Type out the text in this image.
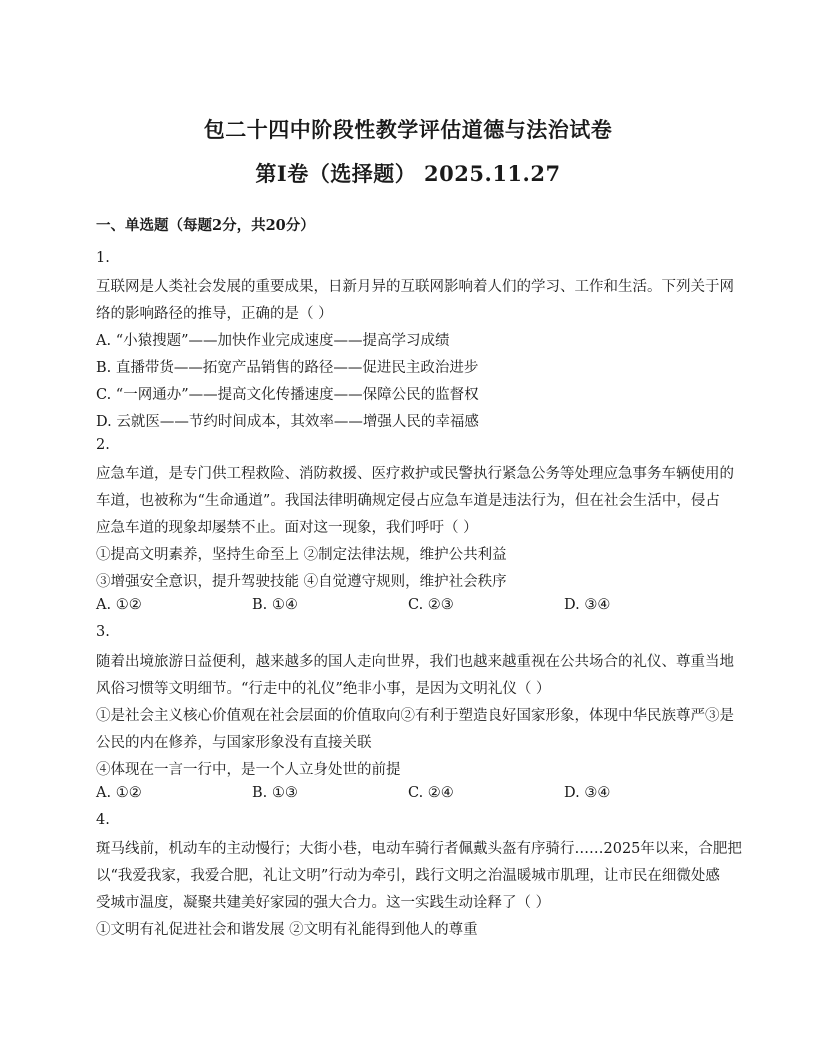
包二十四中阶段性教学评估道德与法治试卷
第Ⅰ卷（选择题） 2025.11.27
一、单选题（每题2分，共20分）
1.
互联网是人类社会发展的重要成果，日新月异的互联网影响着人们的学习、工作和生活。下列关于网
络的影响路径的推导，正确的是（ ）
A. “小猿搜题”——加快作业完成速度——提高学习成绩
B. 直播带货——拓宽产品销售的路径——促进民主政治进步
C. “一网通办”——提高文化传播速度——保障公民的监督权
D. 云就医——节约时间成本，其效率——增强人民的幸福感
2.
应急车道，是专门供工程救险、消防救援、医疗救护或民警执行紧急公务等处理应急事务车辆使用的
车道，也被称为“生命通道”。我国法律明确规定侵占应急车道是违法行为，但在社会生活中，侵占
应急车道的现象却屡禁不止。面对这一现象，我们呼吁（ ）
①提高文明素养，坚持生命至上 ②制定法律法规，维护公共利益
③增强安全意识，提升驾驶技能 ④自觉遵守规则，维护社会秩序
A. ①②	B. ①④	C. ②③	D. ③④
3.
随着出境旅游日益便利，越来越多的国人走向世界，我们也越来越重视在公共场合的礼仪、尊重当地
风俗习惯等文明细节。“行走中的礼仪”绝非小事，是因为文明礼仪（ ）
①是社会主义核心价值观在社会层面的价值取向②有利于塑造良好国家形象，体现中华民族尊严③是
公民的内在修养，与国家形象没有直接关联
④体现在一言一行中，是一个人立身处世的前提
A. ①②	B. ①③	C. ②④	D. ③④
4.
斑马线前，机动车的主动慢行；大街小巷，电动车骑行者佩戴头盔有序骑行……2025年以来，合肥把
以“我爱我家，我爱合肥，礼让文明”行动为牵引，践行文明之治温暖城市肌理，让市民在细微处感
受城市温度，凝聚共建美好家园的强大合力。这一实践生动诠释了（ ）
①文明有礼促进社会和谐发展 ②文明有礼能得到他人的尊重
